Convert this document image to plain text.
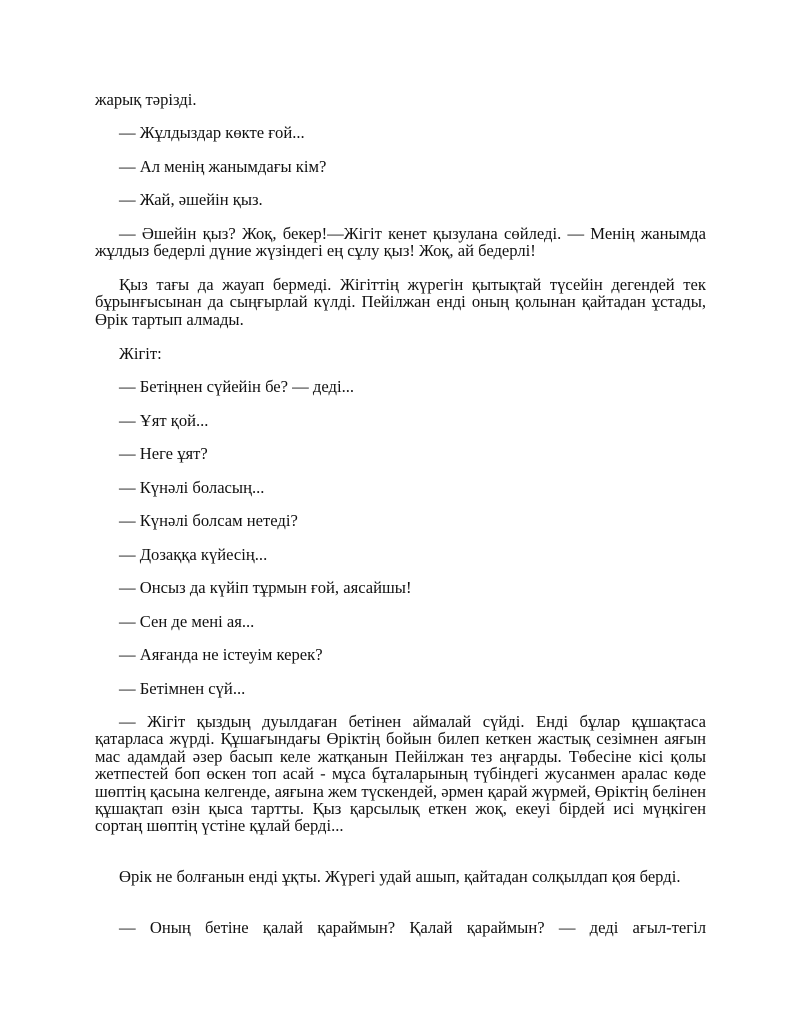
жарық тәрізді.

— Жұлдыздар көкте ғой...

— Ал менің жанымдағы кім?

— Жай, әшейін қыз.

— Әшейін қыз? Жоқ, бекер!—Жігіт кенет қызулана сөйледі. — Менің жанымда жұлдыз бедерлі дүние жүзіндегі ең сұлу қыз! Жоқ, ай бедерлі!

Қыз тағы да жауап бермеді. Жігіттің жүрегін қытықтай түсейін дегендей тек бұрынғысынан да сыңғырлай күлді. Пейілжан енді оның қолынан қайтадан ұстады, Өрік тартып алмады.

Жігіт:

— Бетіңнен сүйейін бе? — деді...

— Ұят қой...

— Неге ұят?

— Күнәлі боласың...

— Күнәлі болсам нетеді?

— Дозаққа күйесің...

— Онсыз да күйіп тұрмын ғой, аясайшы!

— Сен де мені ая...

— Аяғанда не істеуім керек?

— Бетімнен сүй...

— Жігіт қыздың дуылдаған бетінен аймалай сүйді. Енді бұлар құшақтаса қатарласа жүрді. Құшағындағы Өріктің бойын билеп кеткен жастық сезімнен аяғын мас адамдай әзер басып келе жатқанын Пейілжан тез аңғарды. Төбесіне кісі қолы жетпестей боп өскен топ асай - мұса бұталарының түбіндегі жусанмен аралас көде шөптің қасына келгенде, аяғына жем түскендей, әрмен қарай жүрмей, Өріктің белінен құшақтап өзін қыса тартты. Қыз қарсылық еткен жоқ, екеуі бірдей исі мүңкіген сортаң шөптің үстіне құлай берді...

Өрік не болғанын енді ұқты. Жүрегі удай ашып, қайтадан солқылдап қоя берді.

— Оның бетіне қалай қараймын? Қалай қараймын? — деді ағыл-тегіл
